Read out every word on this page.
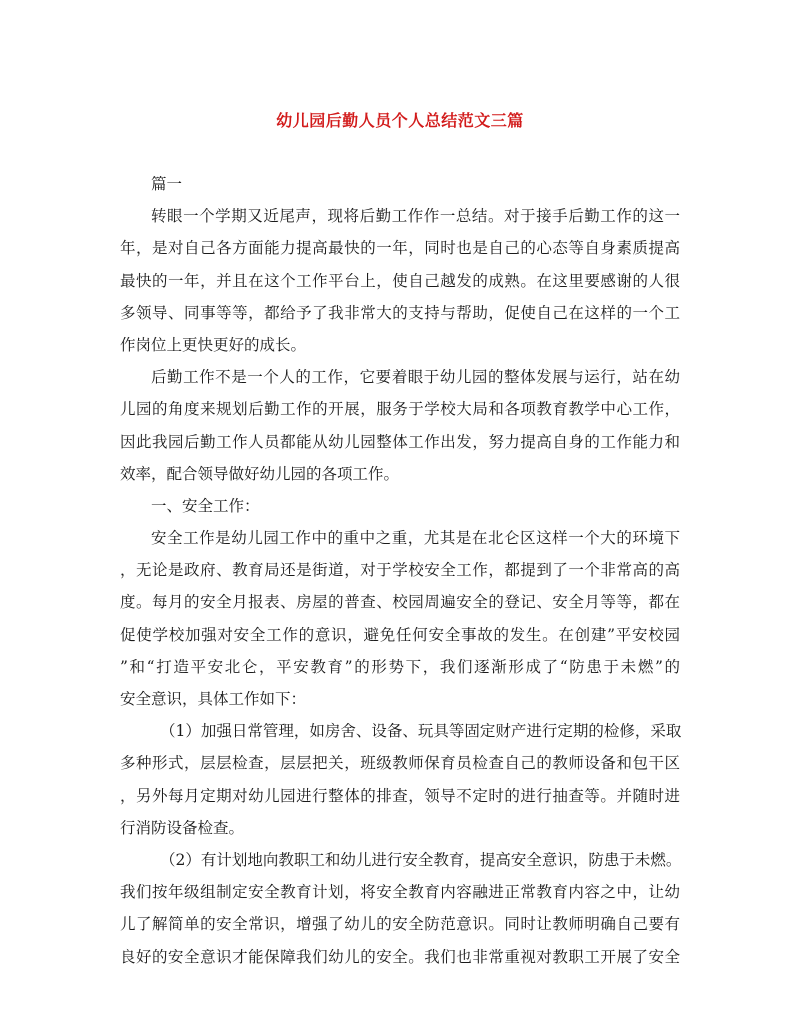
幼儿园后勤人员个人总结范文三篇
篇一
转眼一个学期又近尾声，现将后勤工作作一总结。对于接手后勤工作的这一
年，是对自己各方面能力提高最快的一年，同时也是自己的心态等自身素质提高
最快的一年，并且在这个工作平台上，使自己越发的成熟。在这里要感谢的人很
多领导、同事等等，都给予了我非常大的支持与帮助，促使自己在这样的一个工
作岗位上更快更好的成长。
后勤工作不是一个人的工作，它要着眼于幼儿园的整体发展与运行，站在幼
儿园的角度来规划后勤工作的开展，服务于学校大局和各项教育教学中心工作，
因此我园后勤工作人员都能从幼儿园整体工作出发，努力提高自身的工作能力和
效率，配合领导做好幼儿园的各项工作。
一、安全工作：
安全工作是幼儿园工作中的重中之重，尤其是在北仑区这样一个大的环境下
，无论是政府、教育局还是街道，对于学校安全工作，都提到了一个非常高的高
度。每月的安全月报表、房屋的普查、校园周遍安全的登记、安全月等等，都在
促使学校加强对安全工作的意识，避免任何安全事故的发生。在创建”平安校园
”和“打造平安北仑，平安教育”的形势下，我们逐渐形成了“防患于未燃”的
安全意识，具体工作如下：
（1）加强日常管理，如房舍、设备、玩具等固定财产进行定期的检修，采取
多种形式，层层检查，层层把关，班级教师保育员检查自己的教师设备和包干区
，另外每月定期对幼儿园进行整体的排查，领导不定时的进行抽查等。并随时进
行消防设备检查。
（2）有计划地向教职工和幼儿进行安全教育，提高安全意识，防患于未燃。
我们按年级组制定安全教育计划，将安全教育内容融进正常教育内容之中，让幼
儿了解简单的安全常识，增强了幼儿的安全防范意识。同时让教师明确自己要有
良好的安全意识才能保障我们幼儿的安全。我们也非常重视对教职工开展了安全
